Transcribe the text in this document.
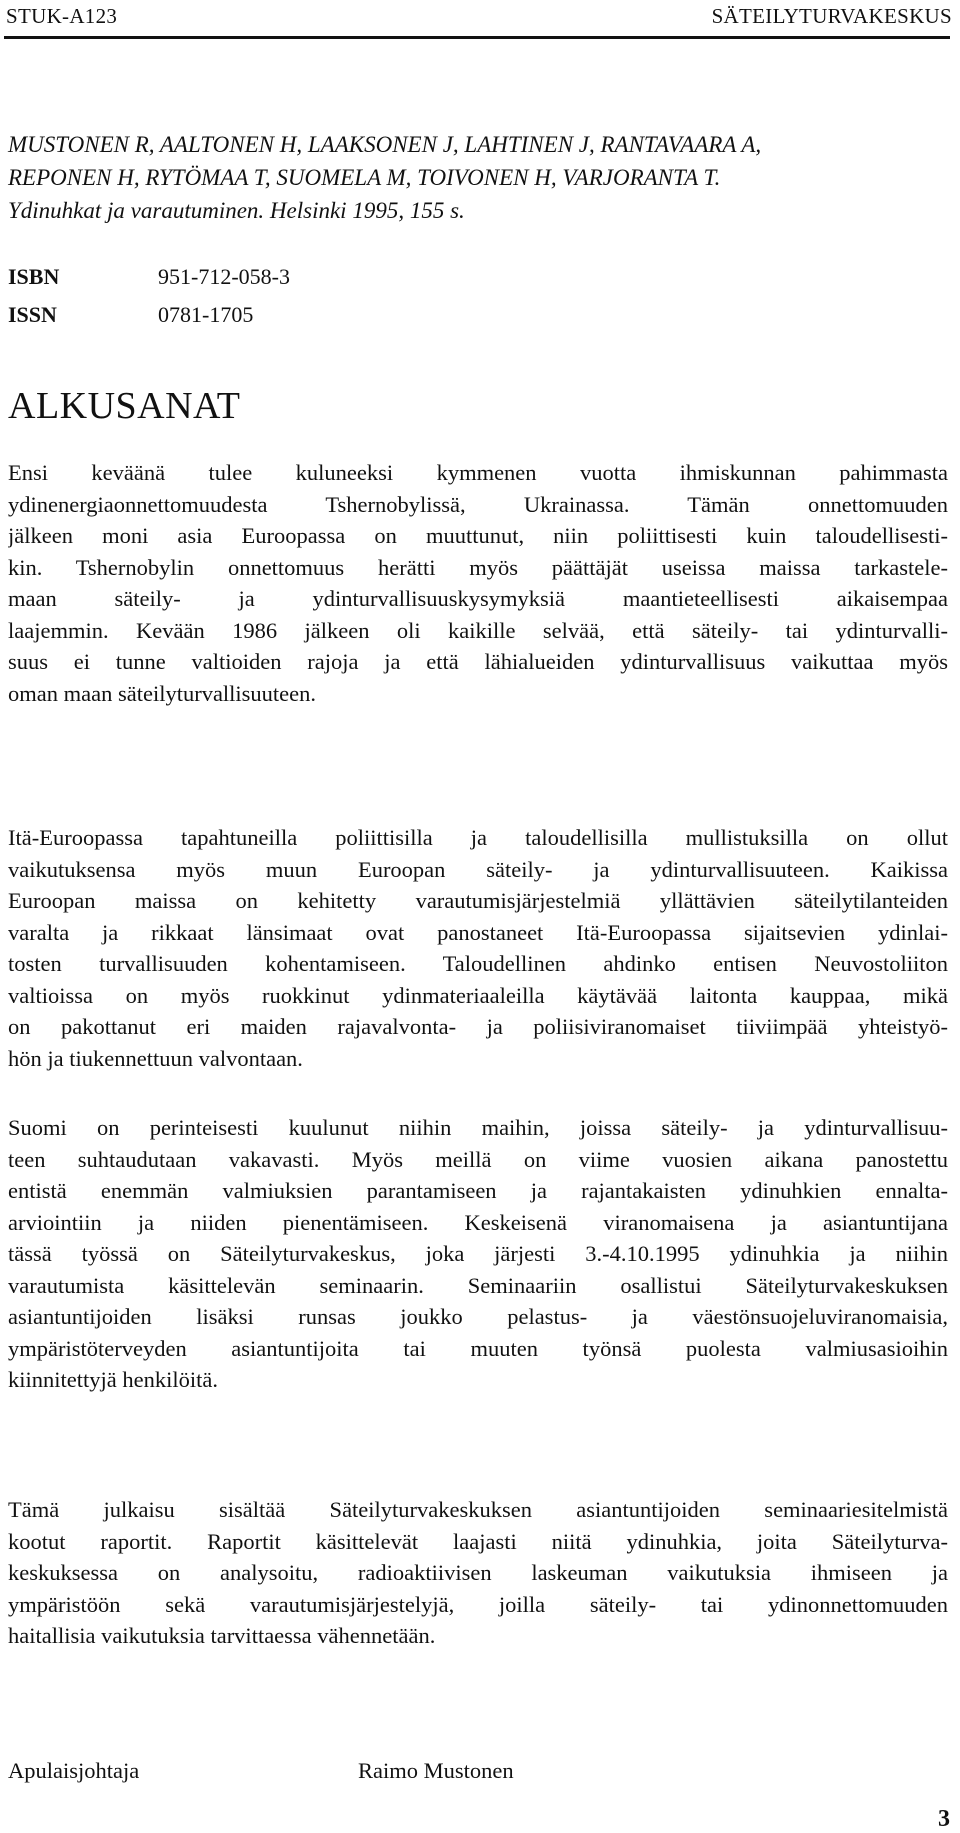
STUK-A123	SÄTEILYTURVAKESKUS
MUSTONEN R, AALTONEN H, LAAKSONEN J, LAHTINEN J, RANTAVAARA A,
REPONEN H, RYTÖMAA T, SUOMELA M, TOIVONEN H, VARJORANTA T.
Ydinuhkat ja varautuminen. Helsinki 1995, 155 s.
ISBN	951-712-058-3
ISSN	0781-1705
ALKUSANAT
Ensi keväänä tulee kuluneeksi kymmenen vuotta ihmiskunnan pahimmasta
ydinenergiaonnettomuudesta Tshernobylissä, Ukrainassa. Tämän onnettomuuden
jälkeen moni asia Euroopassa on muuttunut, niin poliittisesti kuin taloudellisesti-
kin. Tshernobylin onnettomuus herätti myös päättäjät useissa maissa tarkastele-
maan säteily- ja ydinturvallisuuskysymyksiä maantieteellisesti aikaisempaa
laajemmin. Kevään 1986 jälkeen oli kaikille selvää, että säteily- tai ydinturvalli-
suus ei tunne valtioiden rajoja ja että lähialueiden ydinturvallisuus vaikuttaa myös
oman maan säteilyturvallisuuteen.
Itä-Euroopassa tapahtuneilla poliittisilla ja taloudellisilla mullistuksilla on ollut
vaikutuksensa myös muun Euroopan säteily- ja ydinturvallisuuteen. Kaikissa
Euroopan maissa on kehitetty varautumisjärjestelmiä yllättävien säteilytilanteiden
varalta ja rikkaat länsimaat ovat panostaneet Itä-Euroopassa sijaitsevien ydinlai-
tosten turvallisuuden kohentamiseen. Taloudellinen ahdinko entisen Neuvostoliiton
valtioissa on myös ruokkinut ydinmateriaaleilla käytävää laitonta kauppaa, mikä
on pakottanut eri maiden rajavalvonta- ja poliisiviranomaiset tiiviimpää yhteistyö-
hön ja tiukennettuun valvontaan.
Suomi on perinteisesti kuulunut niihin maihin, joissa säteily- ja ydinturvallisuu-
teen suhtaudutaan vakavasti. Myös meillä on viime vuosien aikana panostettu
entistä enemmän valmiuksien parantamiseen ja rajantakaisten ydinuhkien ennalta-
arviointiin ja niiden pienentämiseen. Keskeisenä viranomaisena ja asiantuntijana
tässä työssä on Säteilyturvakeskus, joka järjesti 3.-4.10.1995 ydinuhkia ja niihin
varautumista käsittelevän seminaarin. Seminaariin osallistui Säteilyturvakeskuksen
asiantuntijoiden lisäksi runsas joukko pelastus- ja väestönsuojeluviranomaisia,
ympäristöterveyden asiantuntijoita tai muuten työnsä puolesta valmiusasioihin
kiinnitettyjä henkilöitä.
Tämä julkaisu sisältää Säteilyturvakeskuksen asiantuntijoiden seminaariesitelmistä
kootut raportit. Raportit käsittelevät laajasti niitä ydinuhkia, joita Säteilyturva-
keskuksessa on analysoitu, radioaktiivisen laskeuman vaikutuksia ihmiseen ja
ympäristöön sekä varautumisjärjestelyjä, joilla säteily- tai ydinonnettomuuden
haitallisia vaikutuksia tarvittaessa vähennetään.
Apulaisjohtaja	Raimo Mustonen
3
